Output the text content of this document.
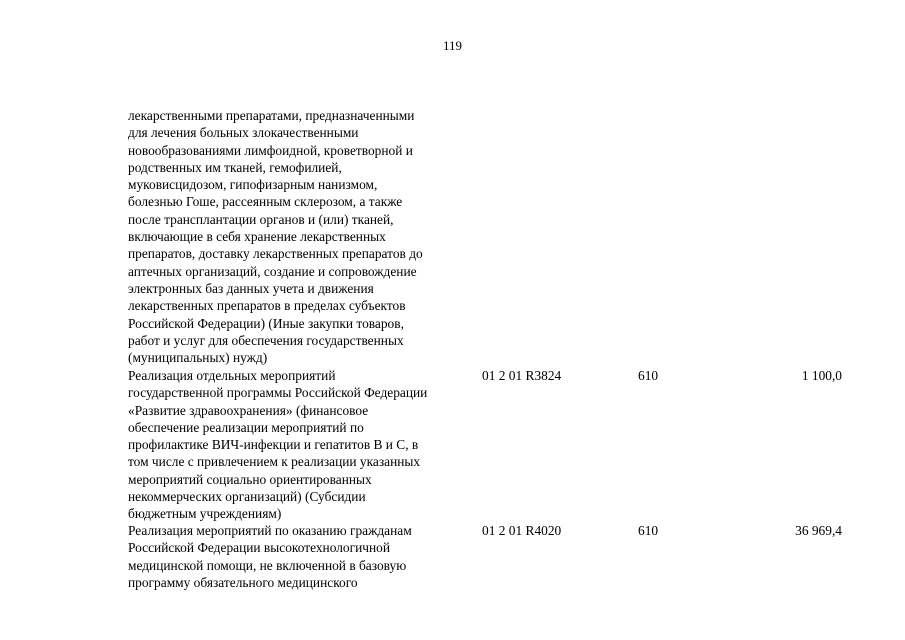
119
лекарственными препаратами, предназначенными
для лечения больных злокачественными
новообразованиями лимфоидной, кроветворной и
родственных им тканей, гемофилией,
муковисцидозом, гипофизарным нанизмом,
болезнью Гоше, рассеянным склерозом, а также
после трансплантации органов и (или) тканей,
включающие в себя хранение лекарственных
препаратов, доставку лекарственных препаратов до
аптечных организаций, создание и сопровождение
электронных баз данных учета и движения
лекарственных препаратов в пределах субъектов
Российской Федерации) (Иные закупки товаров,
работ и услуг для обеспечения государственных
(муниципальных) нужд)
Реализация отдельных мероприятий
государственной программы Российской Федерации
«Развитие здравоохранения» (финансовое
обеспечение реализации мероприятий по
профилактике ВИЧ-инфекции и гепатитов B и C, в
том числе с привлечением к реализации указанных
мероприятий социально ориентированных
некоммерческих организаций) (Субсидии
бюджетным учреждениям)
01 2 01 R3824	610	1 100,0
Реализация мероприятий по оказанию гражданам
Российской Федерации высокотехнологичной
медицинской помощи, не включенной в базовую
программу обязательного медицинского
01 2 01 R4020	610	36 969,4
